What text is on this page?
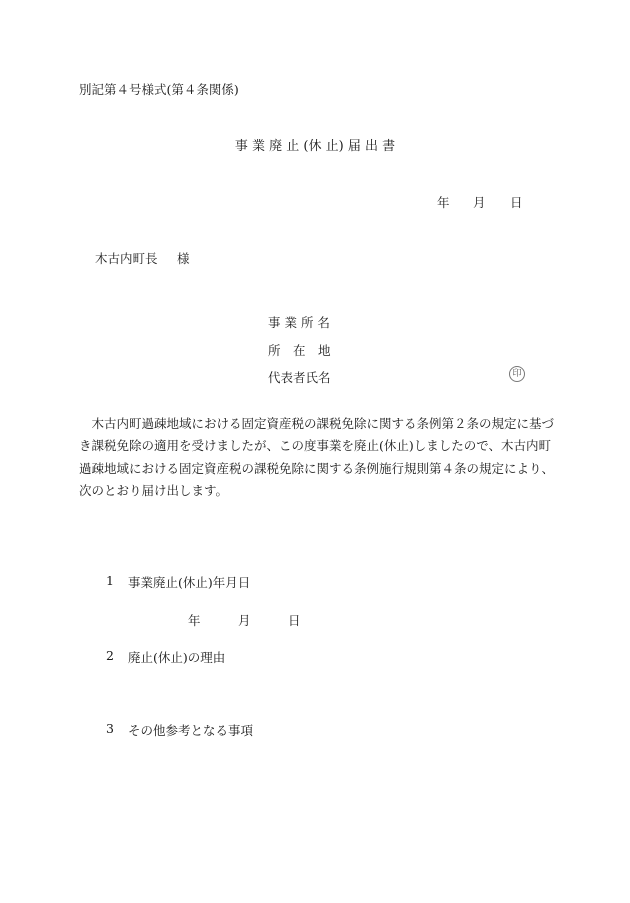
別記第４号様式(第４条関係)
事 業 廃 止 (休 止) 届 出 書
年 月 日
木古内町長 様
事 業 所 名
所　在　地
代表者氏名	印

木古内町過疎地域における固定資産税の課税免除に関する条例第２条の規定に基づき課税免除の適用を受けましたが、この度事業を廃止(休止)しましたので、木古内町過疎地域における固定資産税の課税免除に関する条例施行規則第４条の規定により、次のとおり届け出します。

1 事業廃止(休止)年月日
年	月	日
2 廃止(休止)の理由
3 その他参考となる事項
